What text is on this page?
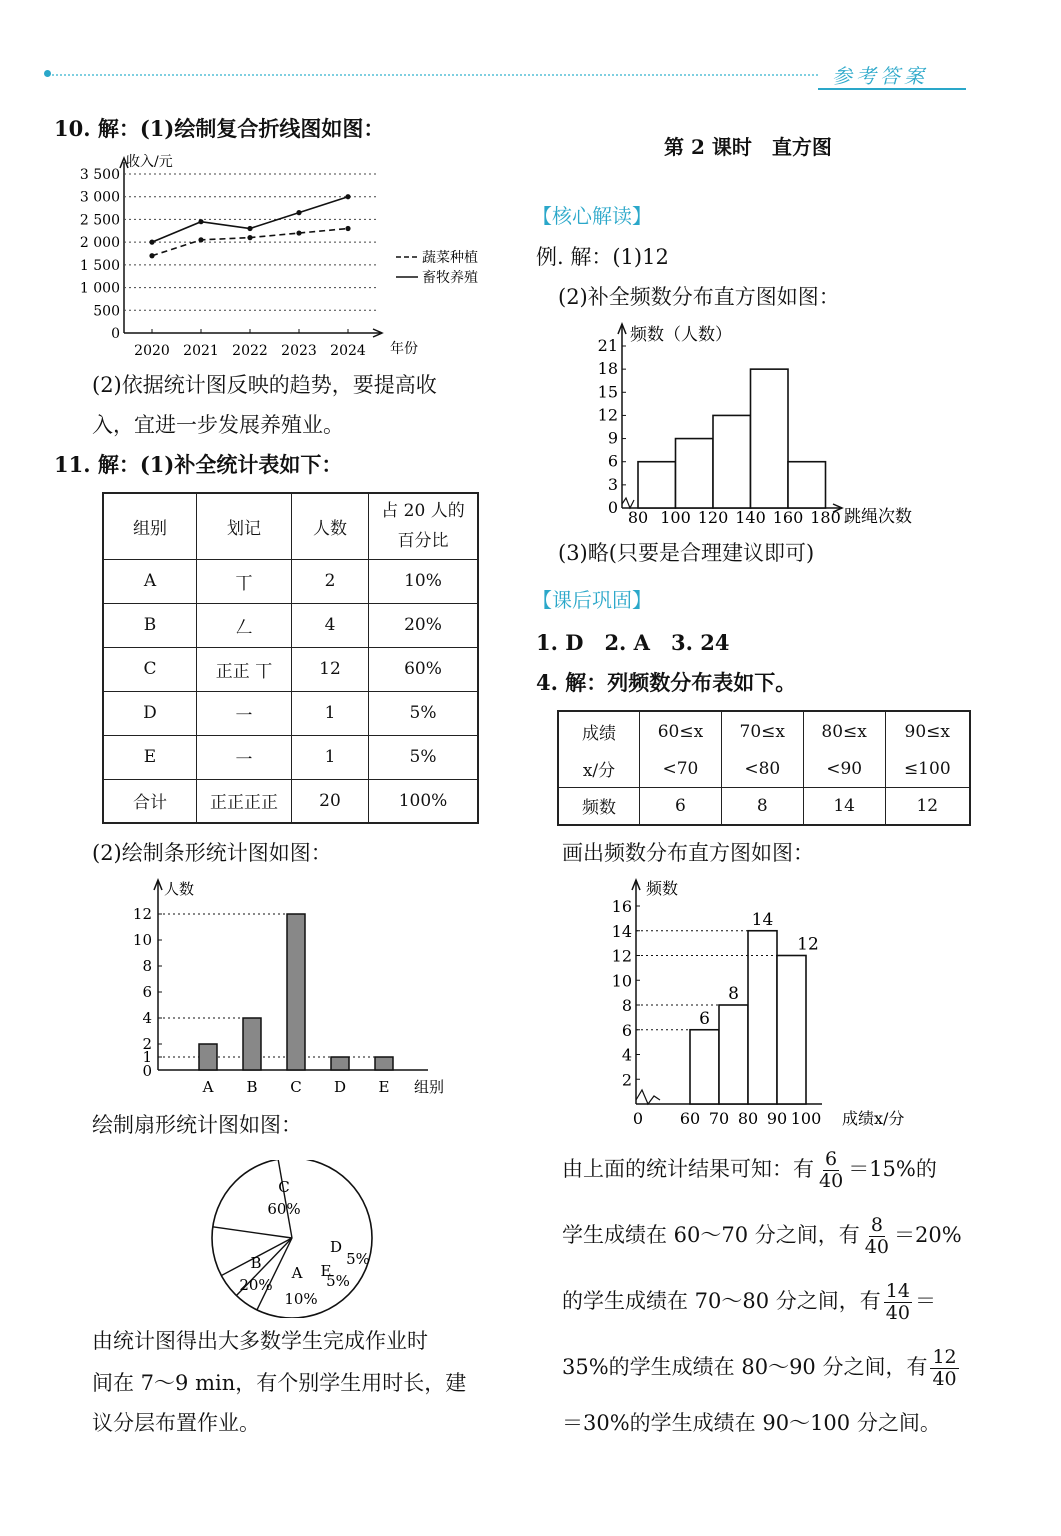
参考答案
10. 解：(1)绘制复合折线图如图：
0
500
1 000
1 500
2 000
2 500
3 000
3 500
2020 2021 2022 2023 2024
收入/元
年份
蔬菜种植
畜牧养殖
(2)依据统计图反映的趋势，要提高收
入，宜进一步发展养殖业。
11. 解：(1)补全统计表如下：
组别	划记	人数	占 20 人的
百分比

A	丅	2	10%
B	𠃋	4	20%
C	正正 丅	12	60%
D	一	1	5%
E	一	1	5%
合计	正正正正	20	100%
(2)绘制条形统计图如图：
人数
组别
0
1
2
4
6
8
10
12
A B C D E
绘制扇形统计图如图：
C
60%
D
5%
E
5%
A
10%
B
20%
由统计图得出大多数学生完成作业时
间在 7～9 min，有个别学生用时长，建
议分层布置作业。
第 2 课时　直方图
【核心解读】
例. 解：(1)12
(2)补全频数分布直方图如图：
频数（人数）
跳绳次数
0
3
6
9
12
15
18
21
80 100 120 140 160 180
(3)略(只要是合理建议即可)
【课后巩固】
1. D　2. A　3. 24
4. 解：列频数分布表如下。
成绩	60≤x	70≤x	80≤x	90≤x
x/分	<70	<80	<90	≤100
频数	6	8	14	12
画出频数分布直方图如图：
频数
成绩x/分
2
4
6
8
10
12
14
16
0 60 70 80 90 100
6
8
14
12
由上面的统计结果可知：有 $\frac{6}{40} =15\%$的
学生成绩在 60～70 分之间，有 $\frac{8}{40} =20\%$
的学生成绩在 70～80 分之间，有 $\frac{14}{40}$ ＝
35%的学生成绩在 80～90 分之间，有 $\frac{12}{40}$
＝30%的学生成绩在 90～100 分之间。
